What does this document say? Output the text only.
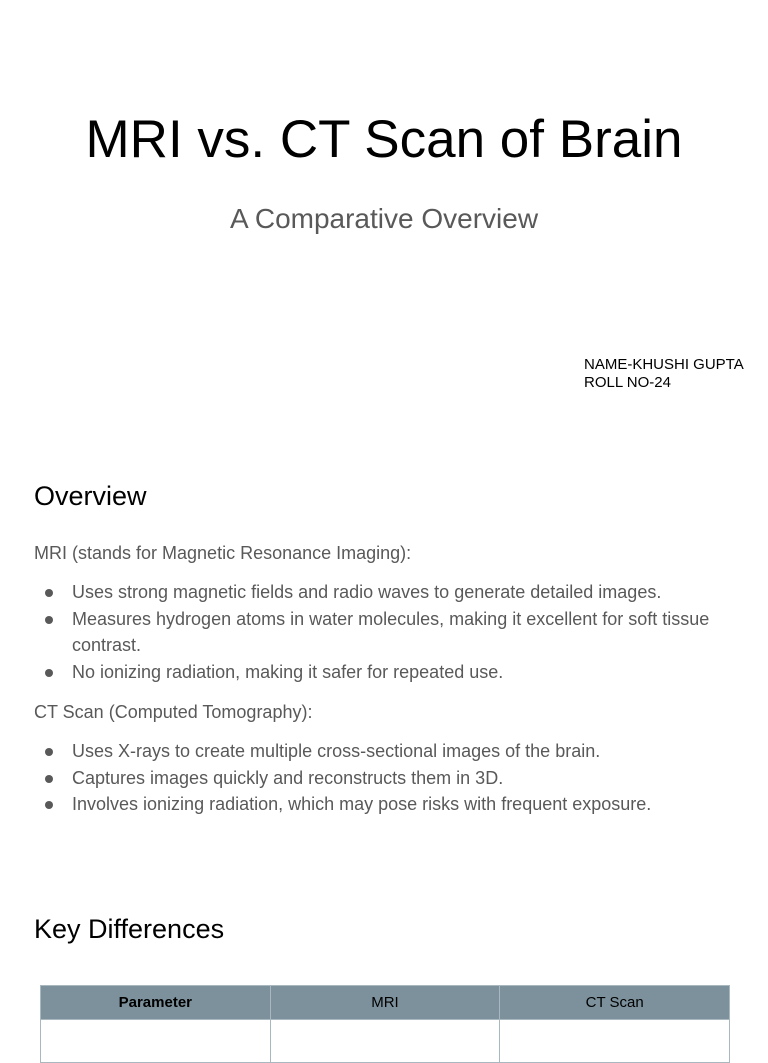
MRI vs. CT Scan of Brain
A Comparative Overview
NAME-KHUSHI GUPTA
ROLL NO-24
Overview

MRI (stands for Magnetic Resonance Imaging):

Uses strong magnetic fields and radio waves to generate detailed images.
Measures hydrogen atoms in water molecules, making it excellent for soft tissue contrast.
No ionizing radiation, making it safer for repeated use.

CT Scan (Computed Tomography):

Uses X-rays to create multiple cross-sectional images of the brain.
Captures images quickly and reconstructs them in 3D.
Involves ionizing radiation, which may pose risks with frequent exposure.
Key Differences
Parameter	MRI	CT Scan
